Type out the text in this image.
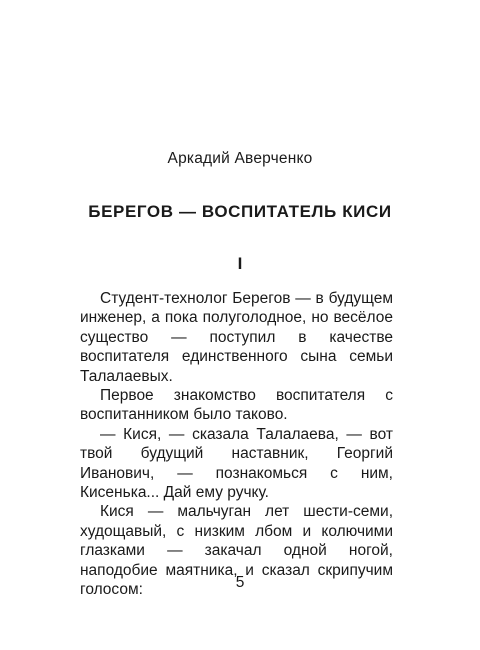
Аркадий Аверченко
БЕРЕГОВ — ВОСПИТАТЕЛЬ КИСИ
I

Студент-технолог Берегов — в будущем инженер, а пока полуголодное, но весёлое существо — поступил в качестве воспитателя единственного сына семьи Талалаевых.

Первое знакомство воспитателя с воспитанником было таково.

— Кися, — сказала Талалаева, — вот твой будущий наставник, Георгий Иванович, — познакомься с ним, Кисенька... Дай ему ручку.

Кися — мальчуган лет шести-семи, худощавый, с низким лбом и колючими глазками — закачал одной ногой, наподобие маятника, и сказал скрипучим голосом:	5
